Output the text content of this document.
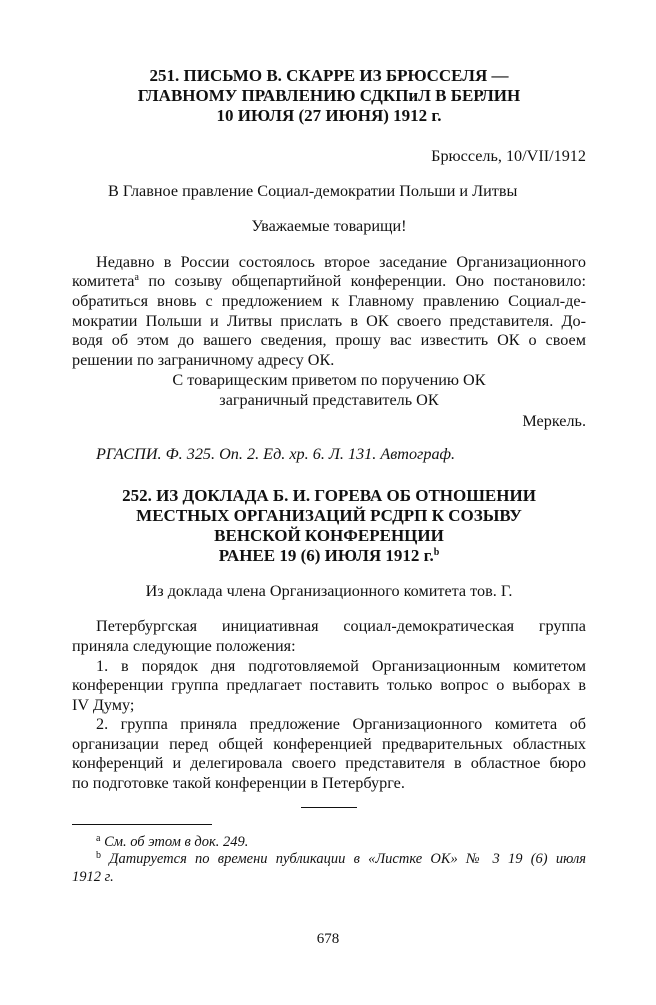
251. ПИСЬМО В. СКАРРЕ ИЗ БРЮССЕЛЯ —
ГЛАВНОМУ ПРАВЛЕНИЮ СДКПиЛ В БЕРЛИН
10 ИЮЛЯ (27 ИЮНЯ) 1912 г.
Брюссель, 10/VII/1912
В Главное правление Социал-демократии Польши и Литвы
Уважаемые товарищи!
Недавно в России состоялось второе заседание Организационного
комитета$^a$ по созыву общепартийной конференции. Оно постановило:
обратиться вновь с предложением к Главному правлению Социал-де-
мократии Польши и Литвы прислать в ОК своего представителя. До-
водя об этом до вашего сведения, прошу вас известить ОК о своем
решении по заграничному адресу ОК.
С товарищеским приветом по поручению ОК
заграничный представитель ОК
Меркель.
РГАСПИ. Ф. 325. Оп. 2. Ед. хр. 6. Л. 131. Автограф.
252. ИЗ ДОКЛАДА Б. И. ГОРЕВА ОБ ОТНОШЕНИИ
МЕСТНЫХ ОРГАНИЗАЦИЙ РСДРП К СОЗЫВУ
ВЕНСКОЙ КОНФЕРЕНЦИИ
РАНЕЕ 19 (6) ИЮЛЯ 1912 г.$^b$
Из доклада члена Организационного комитета тов. Г.
Петербургская инициативная социал-демократическая группа
приняла следующие положения:
1. в порядок дня подготовляемой Организационным комитетом
конференции группа предлагает поставить только вопрос о выборах в
IV Думу;
2. группа приняла предложение Организационного комитета об
организации перед общей конференцией предварительных областных
конференций и делегировала своего представителя в областное бюро
по подготовке такой конференции в Петербурге.
$^a$ См. об этом в док. 249.
$^b$ Датируется по времени публикации в «Листке ОК» № 3 19 (6) июля
1912 г.
678
